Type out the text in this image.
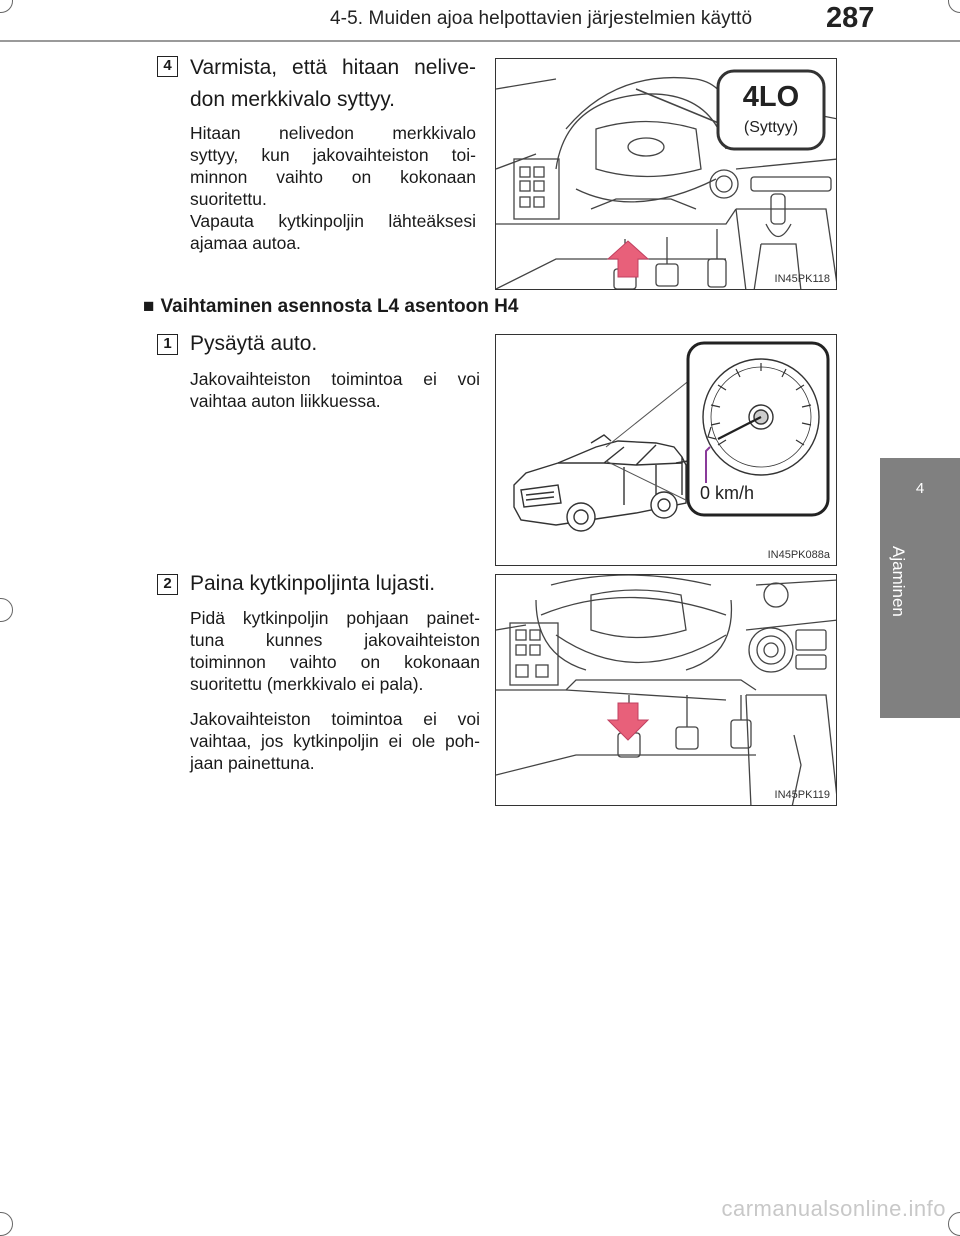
4-5. Muiden ajoa helpottavien järjestelmien käyttö	287
4
Ajaminen
4 Varmista, että hitaan nelive-
don merkkivalo syttyy.
Hitaan nelivedon merkkivalo
syttyy, kun jakovaihteiston toi-
minnon vaihto on kokonaan
suoritettu.
Vapauta kytkinpoljin lähteäksesi
ajamaa autoa.
4LO
(Syttyy)
IN45PK118
■ Vaihtaminen asennosta L4 asentoon H4
1 Pysäytä auto.
Jakovaihteiston toimintoa ei voi
vaihtaa auton liikkuessa.
0 km/h
IN45PK088a
2 Paina kytkinpoljinta lujasti.
Pidä kytkinpoljin pohjaan painet-
tuna kunnes jakovaihteiston
toiminnon vaihto on kokonaan
suoritettu (merkkivalo ei pala).
Jakovaihteiston toimintoa ei voi
vaihtaa, jos kytkinpoljin ei ole poh-
jaan painettuna.
IN45PK119
carmanualsonline.info
